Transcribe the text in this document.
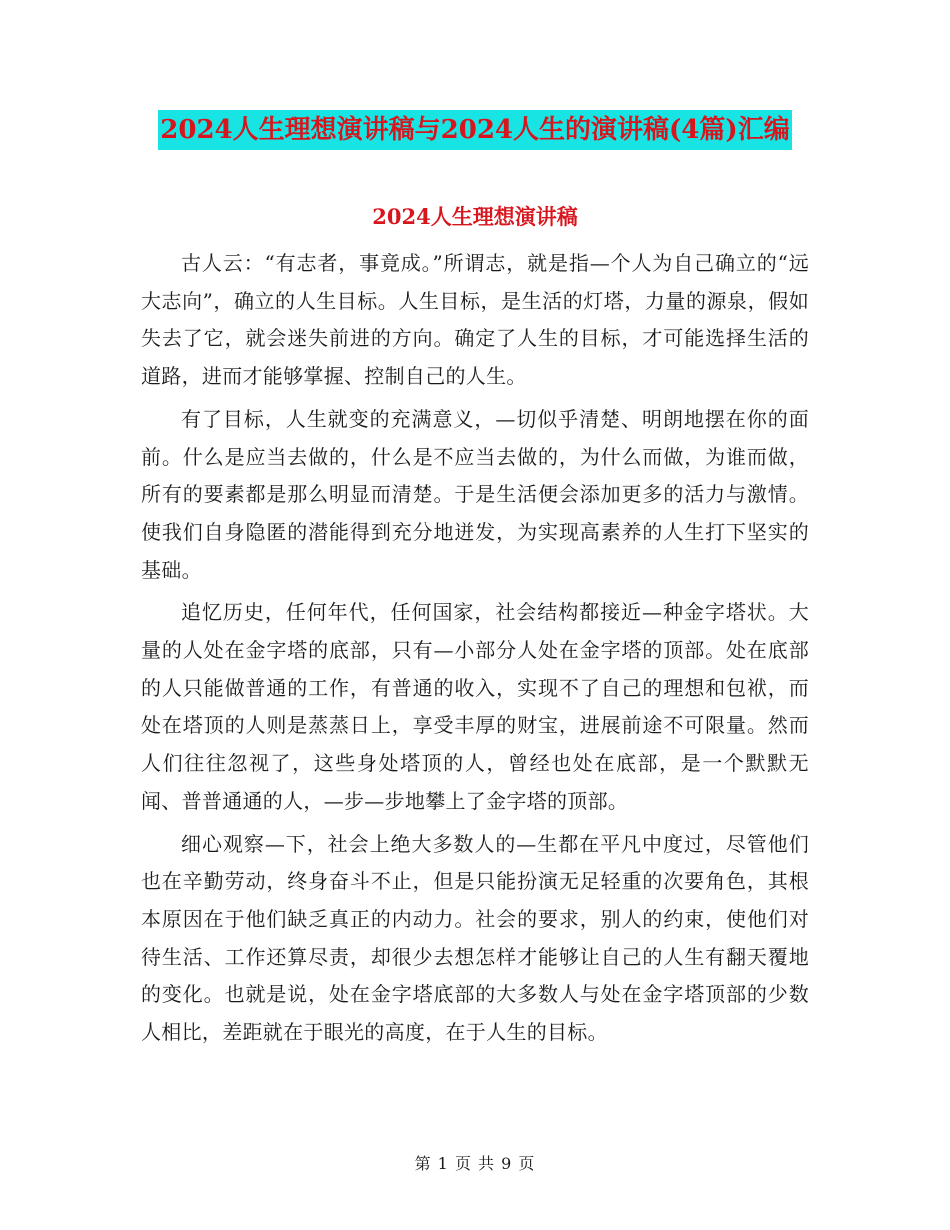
2024人生理想演讲稿与2024人生的演讲稿(4篇)汇编
2024人生理想演讲稿

古人云：“有志者，事竟成。”所谓志，就是指—个人为自己确立的“远大志向”，确立的人生目标。人生目标，是生活的灯塔，力量的源泉，假如失去了它，就会迷失前进的方向。确定了人生的目标，才可能选择生活的道路，进而才能够掌握、控制自己的人生。

有了目标，人生就变的充满意义，—切似乎清楚、明朗地摆在你的面前。什么是应当去做的，什么是不应当去做的，为什么而做，为谁而做，所有的要素都是那么明显而清楚。于是生活便会添加更多的活力与激情。使我们自身隐匿的潜能得到充分地迸发，为实现高素养的人生打下坚实的基础。

追忆历史，任何年代，任何国家，社会结构都接近—种金字塔状。大量的人处在金字塔的底部，只有—小部分人处在金字塔的顶部。处在底部的人只能做普通的工作，有普通的收入，实现不了自己的理想和包袱，而处在塔顶的人则是蒸蒸日上，享受丰厚的财宝，进展前途不可限量。然而人们往往忽视了，这些身处塔顶的人，曾经也处在底部，是一个默默无闻、普普通通的人，—步—步地攀上了金字塔的顶部。

细心观察—下，社会上绝大多数人的—生都在平凡中度过，尽管他们也在辛勤劳动，终身奋斗不止，但是只能扮演无足轻重的次要角色，其根本原因在于他们缺乏真正的内动力。社会的要求，别人的约束，使他们对待生活、工作还算尽责，却很少去想怎样才能够让自己的人生有翻天覆地的变化。也就是说，处在金字塔底部的大多数人与处在金字塔顶部的少数人相比，差距就在于眼光的高度，在于人生的目标。

第 1 页 共 9 页
